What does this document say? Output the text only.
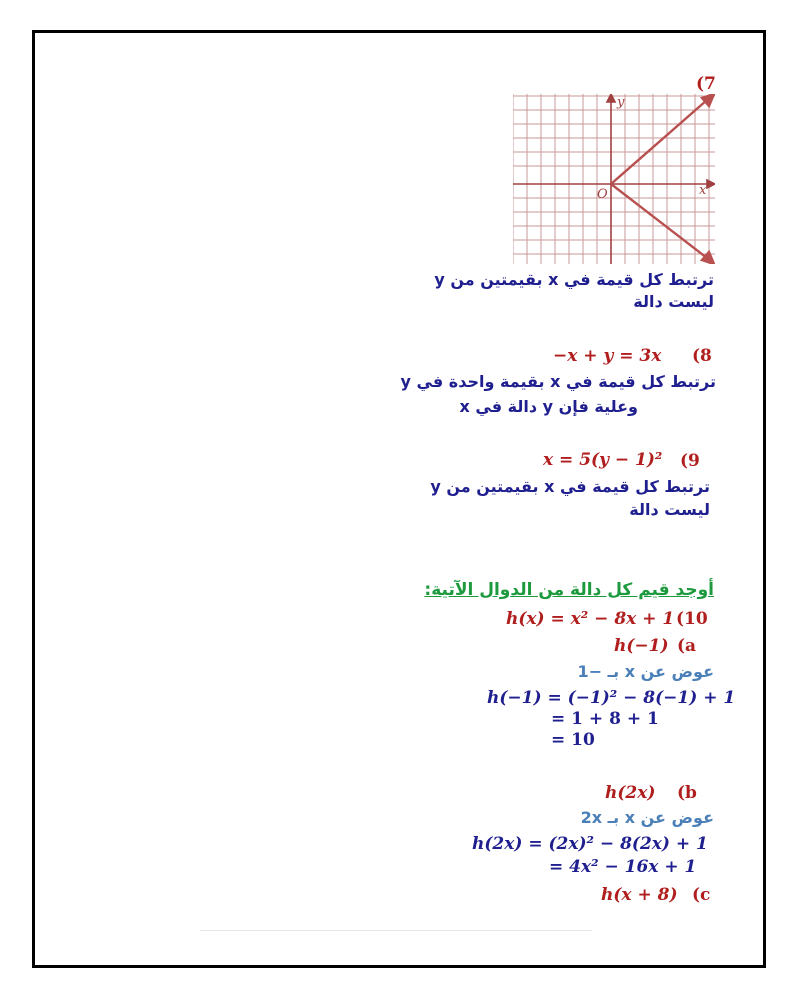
(7
y
x
O
ترتبط كل قيمة في x بقيمتين من y
ليست دالة
(8
−x + y = 3x
ترتبط كل قيمة في x بقيمة واحدة في y
وعلية فإن y دالة في x
(9
x = 5(y − 1)²
ترتبط كل قيمة في x بقيمتين من y
ليست دالة
أوجد قيم كل دالة من الدوال الآتية:
(10
h(x) = x² − 8x + 1
(a
h(−1)
عوض عن x بـ −1
h(−1) = (−1)² − 8(−1) + 1
= 1 + 8 + 1
= 10
(b
h(2x)
عوض عن x بـ 2x
h(2x) = (2x)² − 8(2x) + 1
= 4x² − 16x + 1
(c
h(x + 8)
